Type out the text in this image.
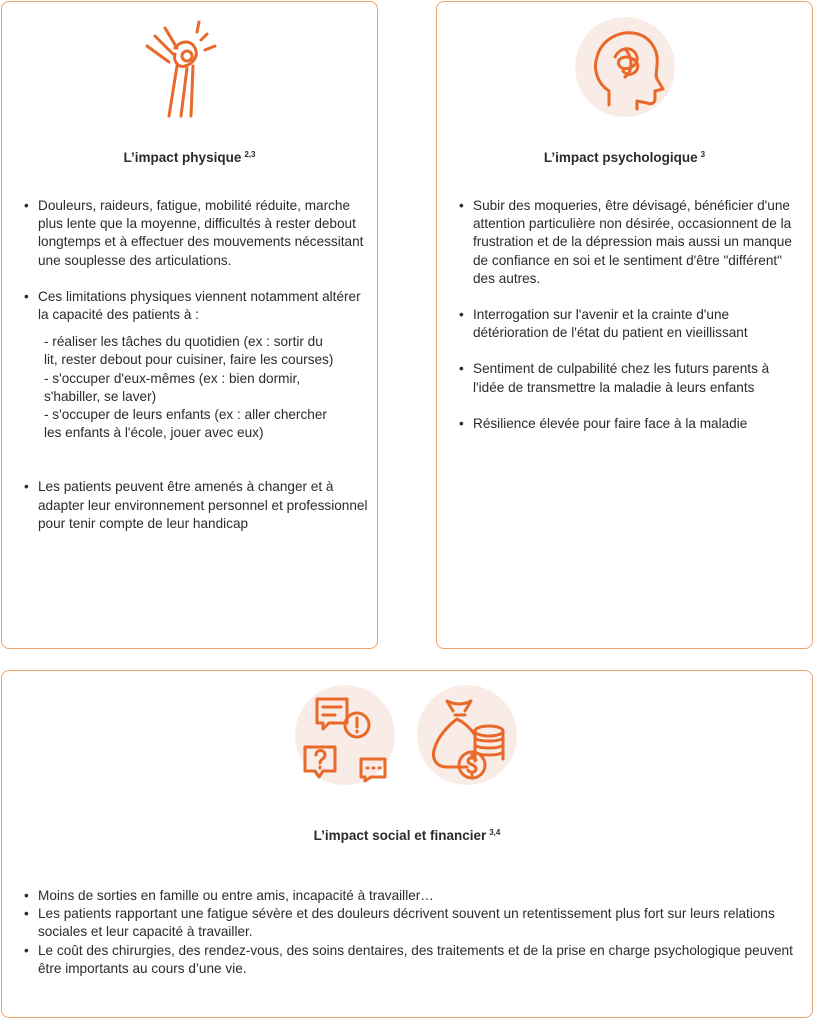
L’impact physique $^{2,3}$
• Douleurs, raideurs, fatigue, mobilité réduite, marche plus lente que la moyenne, difficultés à rester debout longtemps et à effectuer des mouvements nécessitant une souplesse des articulations.
• Ces limitations physiques viennent notamment altérer la capacité des patients à :
- réaliser les tâches du quotidien (ex : sortir du lit, rester debout pour cuisiner, faire les courses)
- s'occuper d'eux-mêmes (ex : bien dormir, s'habiller, se laver)
- s'occuper de leurs enfants (ex : aller chercher les enfants à l'école, jouer avec eux)
• Les patients peuvent être amenés à changer et à adapter leur environnement personnel et professionnel pour tenir compte de leur handicap
L’impact psychologique $^3$
• Subir des moqueries, être dévisagé, bénéficier d'une attention particulière non désirée, occasionnent de la frustration et de la dépression mais aussi un manque de confiance en soi et le sentiment d'être "différent" des autres.
• Interrogation sur l'avenir et la crainte d'une détérioration de l'état du patient en vieillissant
• Sentiment de culpabilité chez les futurs parents à l'idée de transmettre la maladie à leurs enfants
• Résilience élevée pour faire face à la maladie
L’impact social et financier $^{3,4}$
• Moins de sorties en famille ou entre amis, incapacité à travailler…
• Les patients rapportant une fatigue sévère et des douleurs décrivent souvent un retentissement plus fort sur leurs relations sociales et leur capacité à travailler.
• Le coût des chirurgies, des rendez-vous, des soins dentaires, des traitements et de la prise en charge psychologique peuvent être importants au cours d’une vie.
